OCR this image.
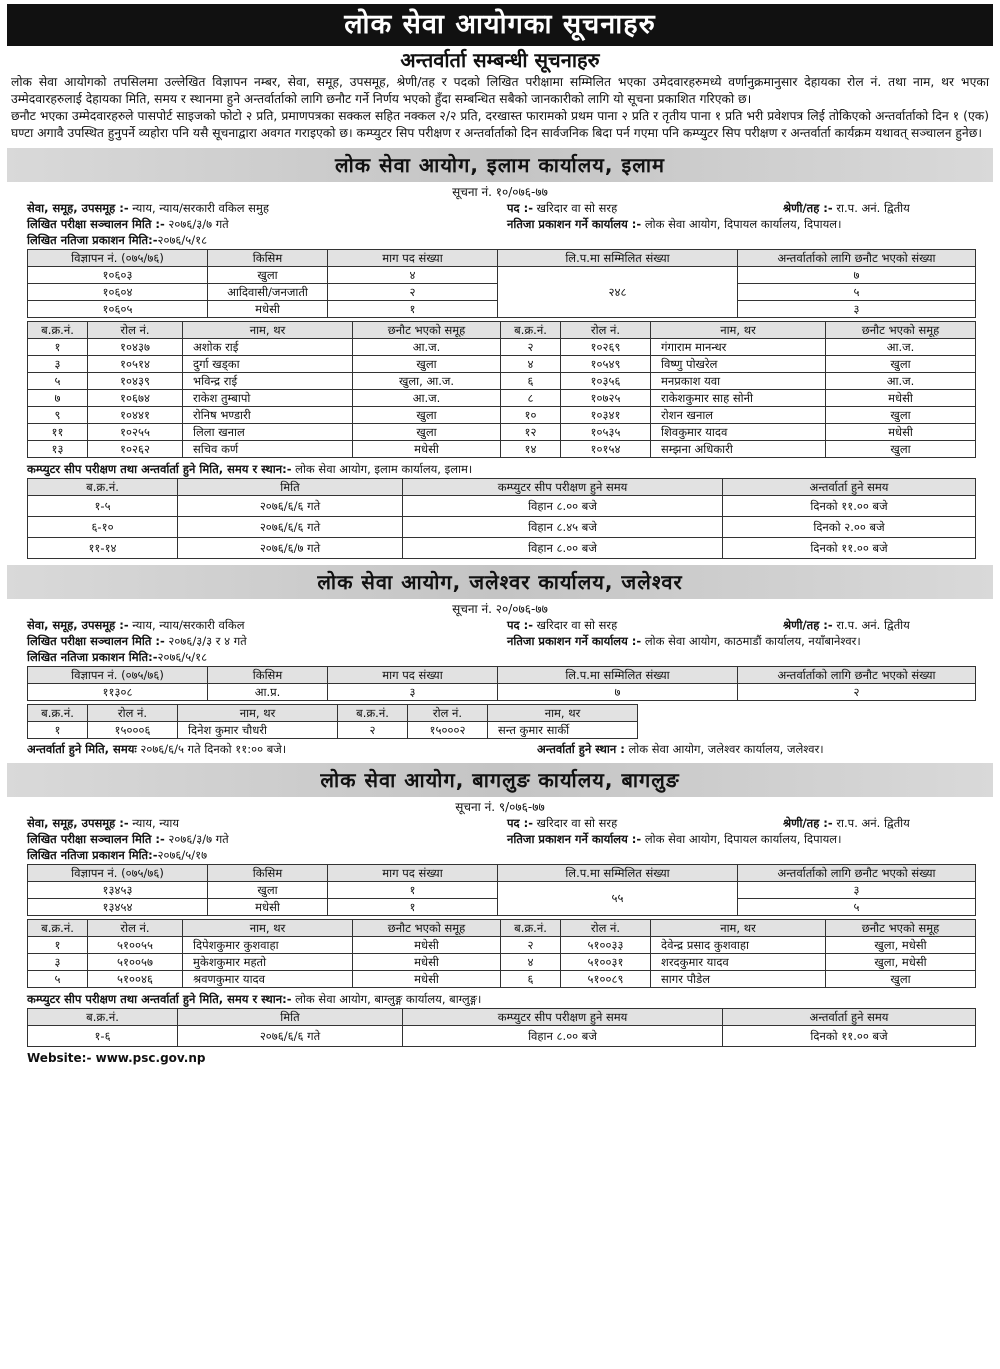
लोक सेवा आयोगका सूचनाहरु
अन्तर्वार्ता सम्बन्धी सूचनाहरु
लोक सेवा आयोगको तपसिलमा उल्लेखित विज्ञापन नम्बर, सेवा, समूह, उपसमूह, श्रेणी/तह र पदको लिखित परीक्षामा सम्मिलित भएका उमेदवारहरुमध्ये वर्णानुक्रमानुसार देहायका रोल नं. तथा नाम, थर भएका उम्मेदवारहरुलाई देहायका मिति, समय र स्थानमा हुने अन्तर्वार्ताको लागि छनौट गर्ने निर्णय भएको हुँदा सम्बन्धित सबैको जानकारीको लागि यो सूचना प्रकाशित गरिएको छ।
छनौट भएका उम्मेदवारहरुले पासपोर्ट साइजको फोटो २ प्रति, प्रमाणपत्रका सक्कल सहित नक्कल २/२ प्रति, दरखास्त फारामको प्रथम पाना २ प्रति र तृतीय पाना १ प्रति भरी प्रवेशपत्र लिई तोकिएको अन्तर्वार्ताको दिन १ (एक) घण्टा अगावै उपस्थित हुनुपर्ने व्यहोरा पनि यसै सूचनाद्वारा अवगत गराइएको छ। कम्प्युटर सिप परीक्षण र अन्तर्वार्ताको दिन सार्वजनिक बिदा पर्न गएमा पनि कम्प्युटर सिप परीक्षण र अन्तर्वार्ता कार्यक्रम यथावत् सञ्चालन हुनेछ।
लोक सेवा आयोग, इलाम कार्यालय, इलाम
सूचना नं. १०/०७६-७७
सेवा, समूह, उपसमूह :- न्याय, न्याय/सरकारी वकिल समुह	पद :- खरिदार वा सो सरह	श्रेणी/तह :- रा.प. अनं. द्वितीय
लिखित परीक्षा सञ्चालन मिति :- २०७६/३/७ गते	नतिजा प्रकाशन गर्ने कार्यालय :- लोक सेवा आयोग, दिपायल कार्यालय, दिपायल।
लिखित नतिजा प्रकाशन मिति:-२०७६/५/१८
विज्ञापन नं. (०७५/७६)	किसिम	माग पद संख्या	लि.प.मा सम्मिलित संख्या	अन्तर्वार्ताको लागि छनौट भएको संख्या
१०६०३	खुला	४	२४८	७
१०६०४	आदिवासी/जनजाती	२		५
१०६०५	मधेसी	१		३
ब.क्र.नं.	रोल नं.	नाम, थर	छनौट भएको समूह	ब.क्र.नं.	रोल नं.	नाम, थर	छनौट भएको समूह
१	१०४३७	अशोक राई	आ.ज.	२	१०२६९	गंगाराम मानन्धर	आ.ज.
३	१०५१४	दुर्गा खड्का	खुला	४	१०५४९	विष्णु पोखरेल	खुला
५	१०४३९	भविन्द्र राई	खुला, आ.ज.	६	१०३५६	मनप्रकाश यवा	आ.ज.
७	१०६७४	राकेश तुम्बापो	आ.ज.	८	१०७२५	राकेशकुमार साह सोनी	मधेसी
९	१०४४१	रोनिष भण्डारी	खुला	१०	१०३४१	रोशन खनाल	खुला
११	१०२५५	लिला खनाल	खुला	१२	१०५३५	शिवकुमार यादव	मधेसी
१३	१०२६२	सचिव कर्ण	मधेसी	१४	१०१५४	सम्झना अधिकारी	खुला
कम्प्युटर सीप परीक्षण तथा अन्तर्वार्ता हुने मिति, समय र स्थान:- लोक सेवा आयोग, इलाम कार्यालय, इलाम।
ब.क्र.नं.	मिति	कम्प्युटर सीप परीक्षण हुने समय	अन्तर्वार्ता हुने समय
१-५	२०७६/६/६ गते	विहान ८.०० बजे	दिनको ११.०० बजे
६-१०	२०७६/६/६ गते	विहान ८.४५ बजे	दिनको २.०० बजे
११-१४	२०७६/६/७ गते	विहान ८.०० बजे	दिनको ११.०० बजे
लोक सेवा आयोग, जलेश्वर कार्यालय, जलेश्वर
सूचना नं. २०/०७६-७७
सेवा, समूह, उपसमूह :- न्याय, न्याय/सरकारी वकिल	पद :- खरिदार वा सो सरह	श्रेणी/तह :- रा.प. अनं. द्वितीय
लिखित परीक्षा सञ्चालन मिति :- २०७६/३/३ र ४ गते	नतिजा प्रकाशन गर्ने कार्यालय :- लोक सेवा आयोग, काठमाडौं कार्यालय, नयाँबानेश्वर।
लिखित नतिजा प्रकाशन मिति:-२०७६/५/१८
विज्ञापन नं. (०७५/७६)	किसिम	माग पद संख्या	लि.प.मा सम्मिलित संख्या	अन्तर्वार्ताको लागि छनौट भएको संख्या
११३०८	आ.प्र.	३	७	२
ब.क्र.नं.	रोल नं.	नाम, थर	ब.क्र.नं.	रोल नं.	नाम, थर
१	१५०००६	दिनेश कुमार चौधरी	२	१५०००२	सन्त कुमार सार्की
अन्तर्वार्ता हुने मिति, समयः २०७६/६/५ गते दिनको ११:०० बजे।	अन्तर्वार्ता हुने स्थान : लोक सेवा आयोग, जलेश्वर कार्यालय, जलेश्वर।
लोक सेवा आयोग, बागलुङ कार्यालय, बागलुङ
सूचना नं. ९/०७६-७७
सेवा, समूह, उपसमूह :- न्याय, न्याय	पद :- खरिदार वा सो सरह	श्रेणी/तह :- रा.प. अनं. द्वितीय
लिखित परीक्षा सञ्चालन मिति :- २०७६/३/७ गते	नतिजा प्रकाशन गर्ने कार्यालय :- लोक सेवा आयोग, दिपायल कार्यालय, दिपायल।
लिखित नतिजा प्रकाशन मिति:-२०७६/५/१७
विज्ञापन नं. (०७५/७६)	किसिम	माग पद संख्या	लि.प.मा सम्मिलित संख्या	अन्तर्वार्ताको लागि छनौट भएको संख्या
१३४५३	खुला	१	५५	३
१३४५४	मधेसी	१		५
ब.क्र.नं.	रोल नं.	नाम, थर	छनौट भएको समूह	ब.क्र.नं.	रोल नं.	नाम, थर	छनौट भएको समूह
१	५१००५५	दिपेशकुमार कुशवाहा	मधेसी	२	५१००३३	देवेन्द्र प्रसाद कुशवाहा	खुला, मधेसी
३	५१००५७	मुकेशकुमार महतो	मधेसी	४	५१००३१	शरदकुमार यादव	खुला, मधेसी
५	५१००४६	श्रवणकुमार यादव	मधेसी	६	५१००८९	सागर पौडेल	खुला
कम्प्युटर सीप परीक्षण तथा अन्तर्वार्ता हुने मिति, समय र स्थान:- लोक सेवा आयोग, बाग्लुङ्ग कार्यालय, बाग्लुङ्ग।
ब.क्र.नं.	मिति	कम्प्युटर सीप परीक्षण हुने समय	अन्तर्वार्ता हुने समय
१-६	२०७६/६/६ गते	विहान ८.०० बजे	दिनको ११.०० बजे
Website:- www.psc.gov.np
